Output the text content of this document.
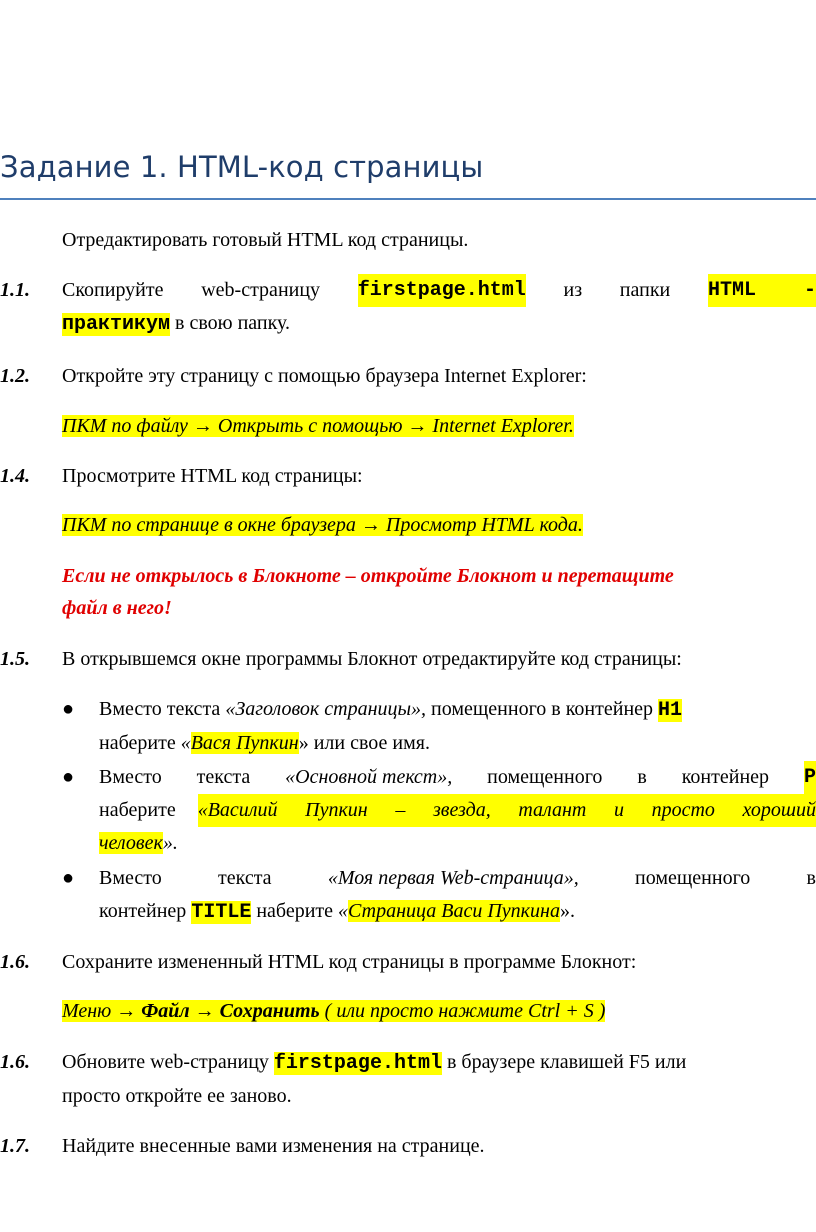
Задание 1. HTML-код страницы
Отредактировать готовый HTML код страницы.
1.1.	Скопируйте web-страницу firstpage.html из папки HTML -
практикум в свою папку.
1.2.	Откройте эту страницу с помощью браузера Internet Explorer:
ПКМ по файлу → Открыть с помощью → Internet Explorer.
1.4.	Просмотрите HTML код страницы:
ПКМ по странице в окне браузера → Просмотр HTML кода.
Если не открылось в Блокноте – откройте Блокнот и перетащите
файл в него!
1.5.	В открывшемся окне программы Блокнот отредактируйте код страницы:
●	Вместо текста «Заголовок страницы», помещенного в контейнер H1
наберите «Вася Пупкин» или свое имя.
●	Вместо текста «Основной текст», помещенного в контейнер P
наберите «Василий Пупкин – звезда, талант и просто хороший
человек».
●	Вместо	текста	«Моя первая Web-страница»,	помещенного	в
контейнер TITLE наберите «Страница Васи Пупкина».
1.6.	Сохраните измененный HTML код страницы в программе Блокнот:
Меню → Файл → Сохранить ( или просто нажмите Ctrl + S )
1.6.	Обновите web-страницу firstpage.html в браузере клавишей F5 или
просто откройте ее заново.
1.7.	Найдите внесенные вами изменения на странице.
